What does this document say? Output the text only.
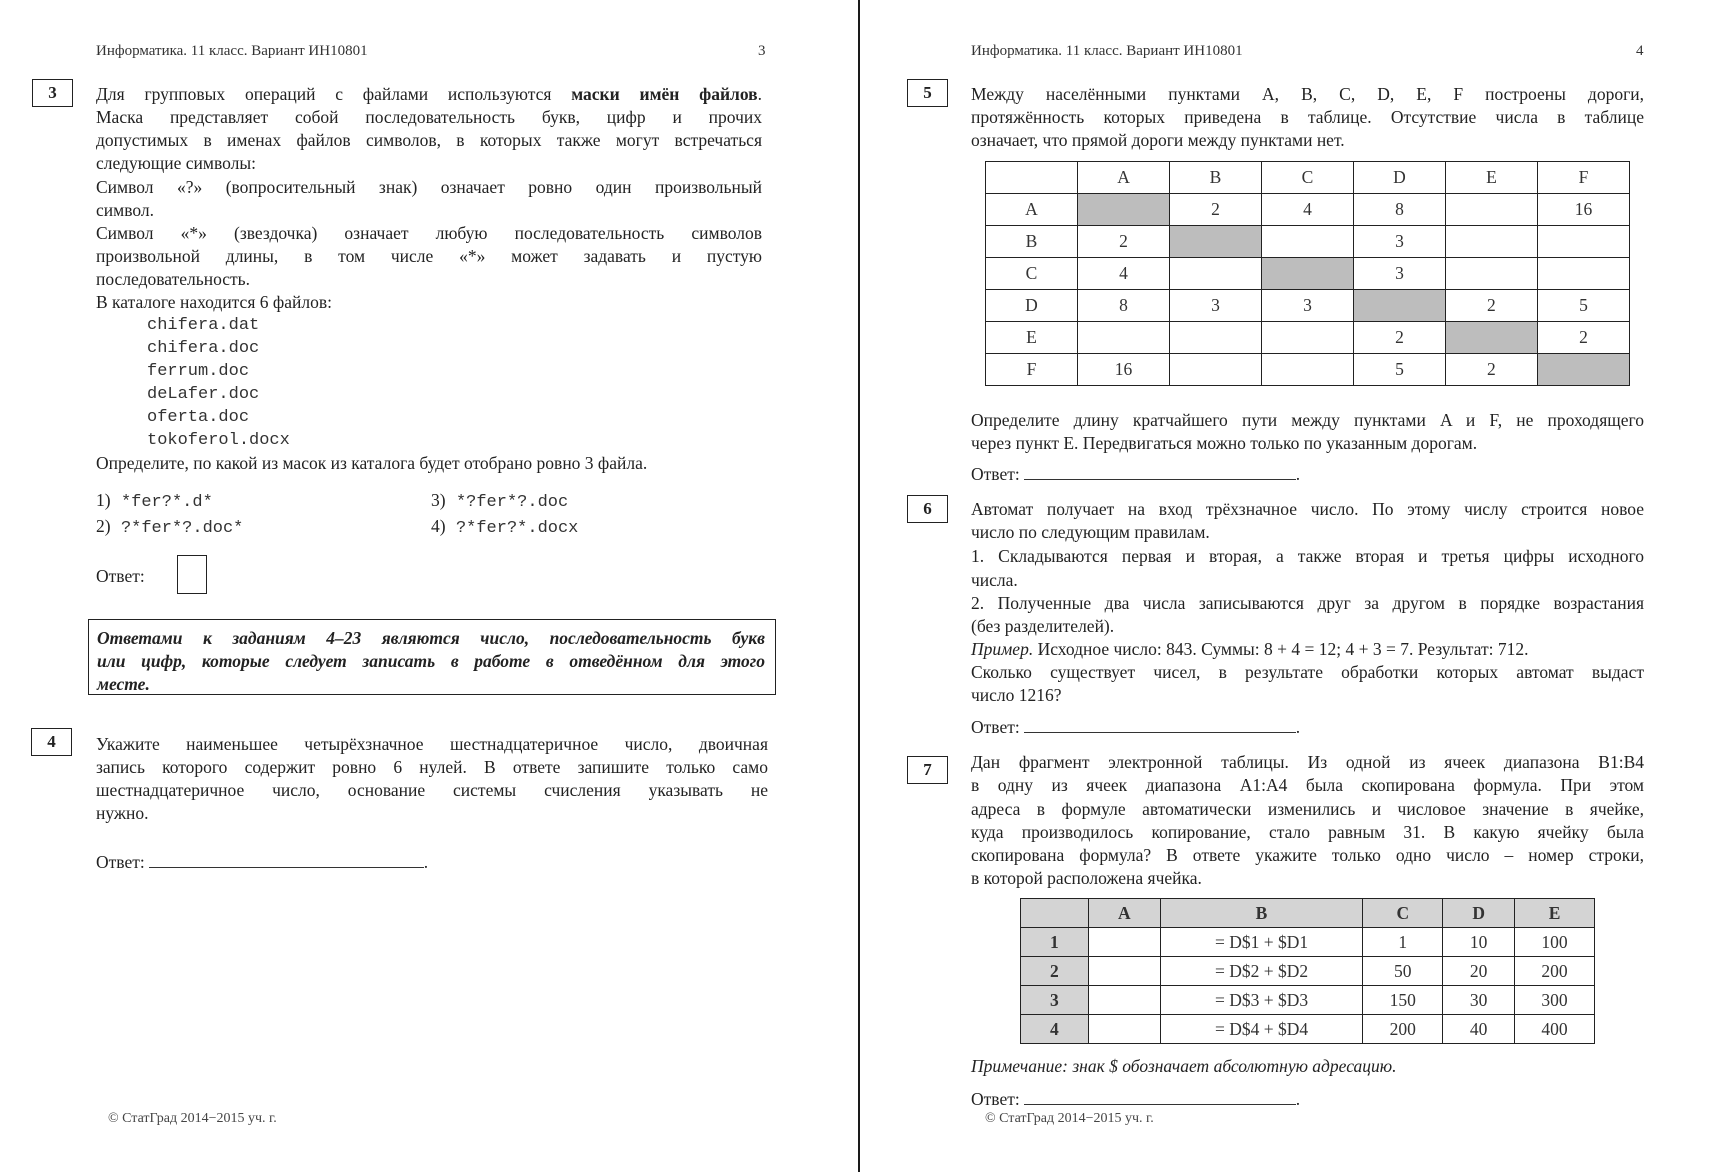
Информатика. 11 класс. Вариант ИН10801	3
3	Для групповых операций с файлами используются маски имён файлов.
Маска представляет собой последовательность букв, цифр и прочих
допустимых в именах файлов символов, в которых также могут встречаться
следующие символы:
Символ «?» (вопросительный знак) означает ровно один произвольный
символ.
Символ «*» (звездочка) означает любую последовательность символов
произвольной длины, в том числе «*» может задавать и пустую
последовательность.
В каталоге находится 6 файлов:
chifera.dat
chifera.doc
ferrum.doc
deLafer.doc
oferta.doc
tokoferol.docx
Определите, по какой из масок из каталога будет отобрано ровно 3 файла.
1) *fer?*.d*
2) ?*fer*?.doc*
3) *?fer*?.doc
4) ?*fer?*.docx
Ответ:
Ответами к заданиям 4–23 являются число, последовательность букв
или цифр, которые следует записать в работе в отведённом для этого
месте.
4	Укажите наименьшее четырёхзначное шестнадцатеричное число, двоичная
запись которого содержит ровно 6 нулей. В ответе запишите только само
шестнадцатеричное число, основание системы счисления указывать не
нужно.
Ответ:	.
© СтатГрад 2014−2015 уч. г.
Информатика. 11 класс. Вариант ИН10801	4
5	Между населёнными пунктами A, B, C, D, E, F построены дороги,
протяжённость которых приведена в таблице. Отсутствие числа в таблице
означает, что прямой дороги между пунктами нет.
	A	B	C	D	E	F
A		2	4	8		16
B	2			3		
C	4			3		
D	8	3	3		2	5
E				2		2
F	16			5	2	
Определите длину кратчайшего пути между пунктами A и F, не проходящего
через пункт E. Передвигаться можно только по указанным дорогам.
Ответ:	.
6	Автомат получает на вход трёхзначное число. По этому числу строится новое
число по следующим правилам.
1. Складываются первая и вторая, а также вторая и третья цифры исходного
числа.
2. Полученные два числа записываются друг за другом в порядке возрастания
(без разделителей).
Пример. Исходное число: 843. Суммы: 8 + 4 = 12; 4 + 3 = 7. Результат: 712.
Сколько существует чисел, в результате обработки которых автомат выдаст
число 1216?
Ответ:	.
7	Дан фрагмент электронной таблицы. Из одной из ячеек диапазона B1:B4
в одну из ячеек диапазона A1:A4 была скопирована формула. При этом
адреса в формуле автоматически изменились и числовое значение в ячейке,
куда производилось копирование, стало равным 31. В какую ячейку была
скопирована формула? В ответе укажите только одно число – номер строки,
в которой расположена ячейка.
	A	B	C	D	E
1		= D$1 + $D1	1	10	100
2		= D$2 + $D2	50	20	200
3		= D$3 + $D3	150	30	300
4		= D$4 + $D4	200	40	400
Примечание: знак $ обозначает абсолютную адресацию.
Ответ:	.
© СтатГрад 2014−2015 уч. г.
